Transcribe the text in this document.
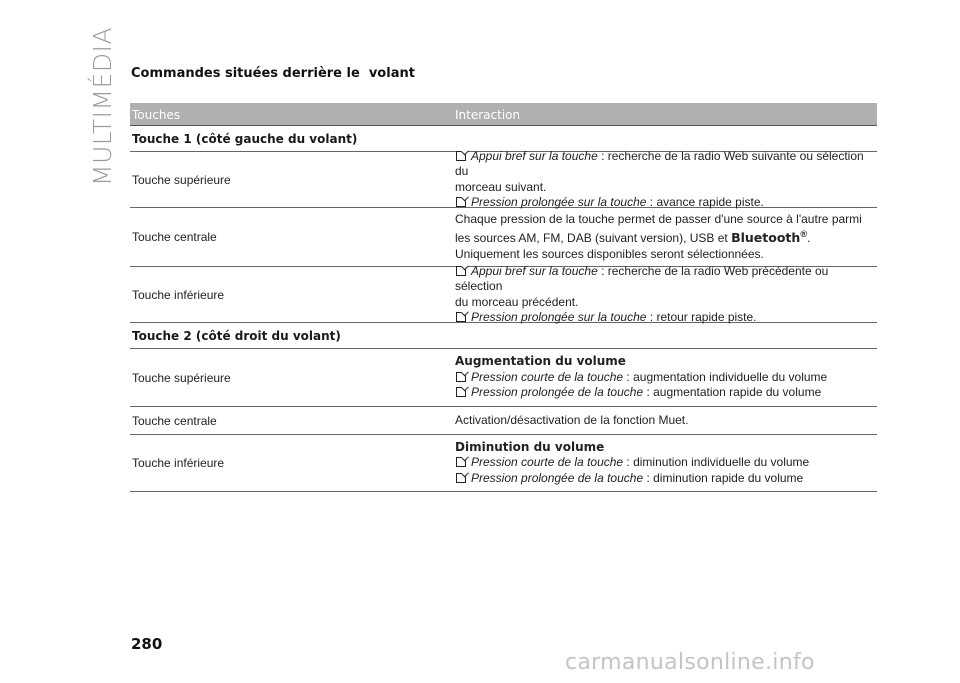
MULTIMÉDIA Commandes situées derrière le  volant
Touches	Interaction
Touche 1 (côté gauche du volant)
Touche supérieure
Appui bref sur la touche : recherche de la radio Web suivante ou sélection du
morceau suivant.
Pression prolongée sur la touche : avance rapide piste.
Touche centrale
Chaque pression de la touche permet de passer d'une source à l'autre parmi
les sources AM, FM, DAB (suivant version), USB et Bluetooth®.
Uniquement les sources disponibles seront sélectionnées.
Touche inférieure
Appui bref sur la touche : recherche de la radio Web précédente ou sélection
du morceau précédent.
Pression prolongée sur la touche : retour rapide piste.
Touche 2 (côté droit du volant)
Touche supérieure
Augmentation du volume
Pression courte de la touche : augmentation individuelle du volume
Pression prolongée de la touche : augmentation rapide du volume
Touche centrale	Activation/désactivation de la fonction Muet.
Touche inférieure
Diminution du volume
Pression courte de la touche : diminution individuelle du volume
Pression prolongée de la touche : diminution rapide du volume
280
carmanualsonline.info
